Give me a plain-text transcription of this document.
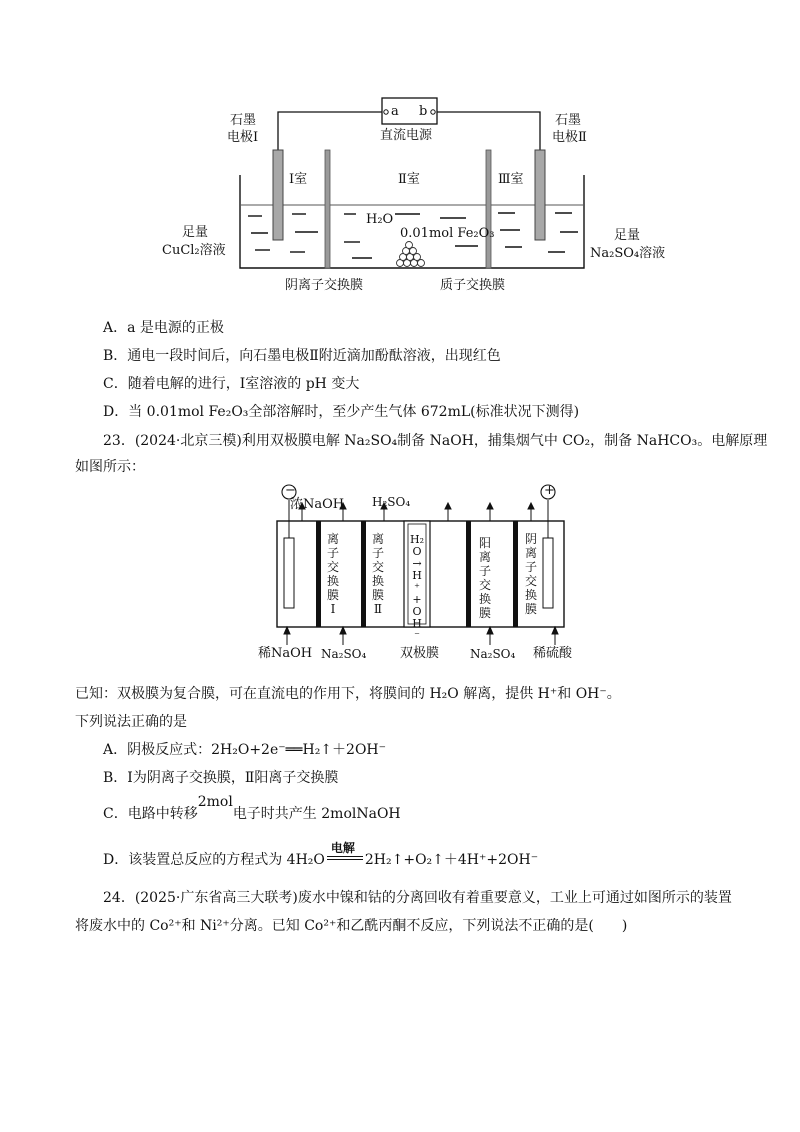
a b
直流电源
石墨
电极Ⅰ
石墨
电极Ⅱ
Ⅰ室	Ⅱ室	Ⅲ室
足量
CuCl₂溶液
足量
Na₂SO₄溶液
H₂O
0.01mol Fe₂O₃
阴离子交换膜	质子交换膜
A．a 是电源的正极
B．通电一段时间后，向石墨电极Ⅱ附近滴加酚酞溶液，出现红色
C．随着电解的进行，Ⅰ室溶液的 pH 变大
D．当 0.01mol Fe₂O₃全部溶解时，至少产生气体 672mL(标准状况下测得)
23．(2024·北京三模)利用双极膜电解 Na₂SO₄制备 NaOH，捕集烟气中 CO₂，制备 NaHCO₃。电解原理
如图所示：
−	+
浓NaOH H₂SO₄
离子交换膜Ⅰ
离子交换膜Ⅱ
H₂O→H⁺+OH⁻
阳离子交换膜
阴离子交换膜
稀NaOH Na₂SO₄	双极膜	Na₂SO₄ 稀硫酸
已知：双极膜为复合膜，可在直流电的作用下，将膜间的 H₂O 解离，提供 H⁺和 OH⁻。
下列说法正确的是
A．阴极反应式：2H₂O+2e⁻══H₂↑＋2OH⁻
B．Ⅰ为阴离子交换膜，Ⅱ阳离子交换膜
C．电路中转移2mol电子时共产生 2molNaOH
D．该装置总反应的方程式为 4H₂O
电解
2H₂↑+O₂↑＋4H⁺+2OH⁻
24．(2025·广东省高三大联考)废水中镍和钴的分离回收有着重要意义，工业上可通过如图所示的装置
将废水中的 Co²⁺和 Ni²⁺分离。已知 Co²⁺和乙酰丙酮不反应，下列说法不正确的是(　　)
